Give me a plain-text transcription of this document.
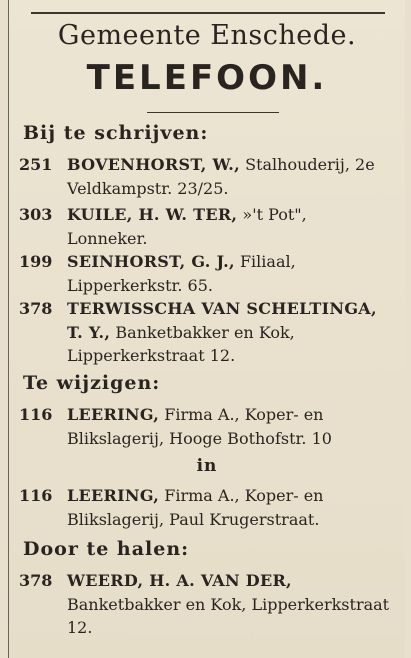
Gemeente Enschede.
TELEFOON.
Bij te schrijven:
251 BOVENHORST, W., Stalhouderij, 2e Veldkampstr. 23/25.
303 KUILE, H. W. TER, »'t Pot", Lonneker.
199 SEINHORST, G. J., Filiaal, Lipperkerkstr. 65.
378 TERWISSCHA VAN SCHELTINGA, T. Y., Banketbakker en Kok, Lipperkerkstraat 12.
Te wijzigen:
116 LEERING, Firma A., Koper- en Blikslagerij, Hooge Bothofstr. 10
in
116 LEERING, Firma A., Koper- en Blikslagerij, Paul Krugerstraat.
Door te halen:
378 WEERD, H. A. VAN DER, Banketbakker en Kok, Lipperkerkstraat 12.
